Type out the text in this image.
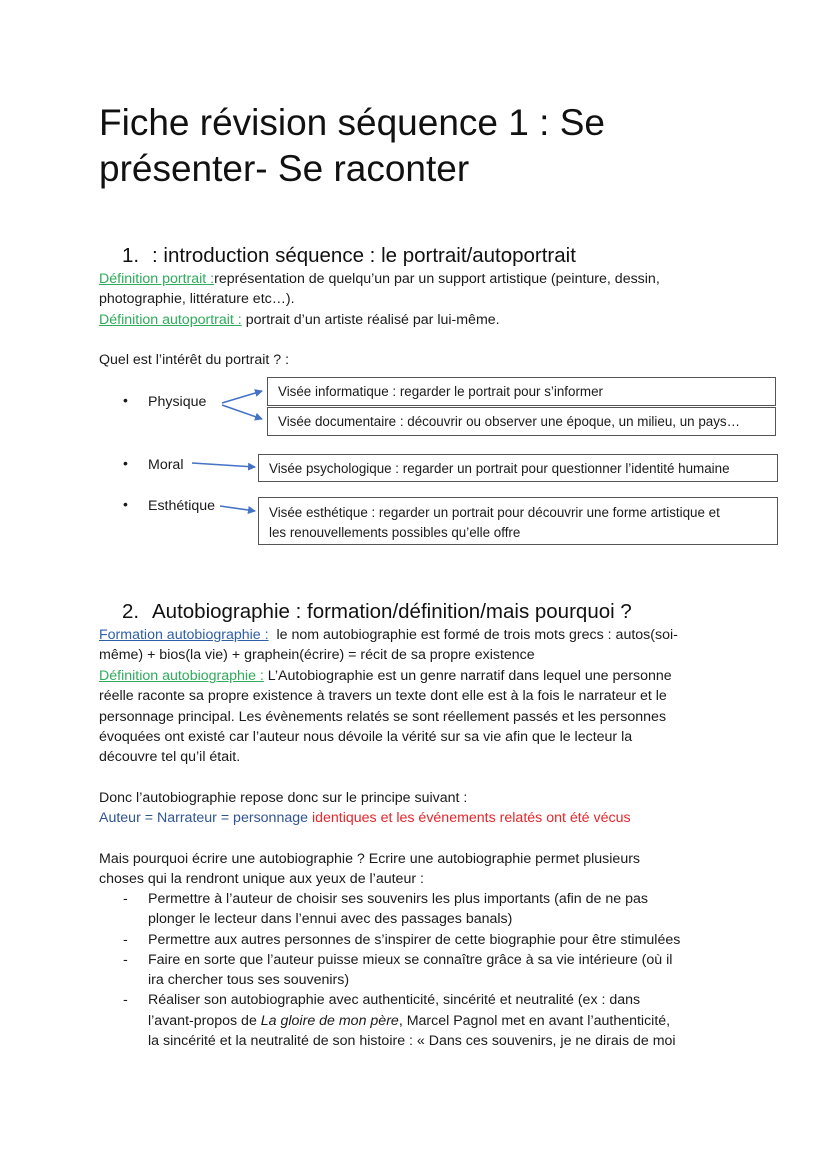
Fiche révision séquence 1 : Se
présenter- Se raconter
1. : introduction séquence : le portrait/autoportrait

Définition portrait :représentation de quelqu’un par un support artistique (peinture, dessin,
photographie, littérature etc…).

Définition autoportrait : portrait d’un artiste réalisé par lui-même.

Quel est l’intérêt du portrait ? :

• Physique
• Moral
• Esthétique
Visée informatique : regarder le portrait pour s’informer
Visée documentaire : découvrir ou observer une époque, un milieu, un pays…
Visée psychologique : regarder un portrait pour questionner l’identité humaine
Visée esthétique : regarder un portrait pour découvrir une forme artistique et
les renouvellements possibles qu’elle offre
2. Autobiographie : formation/définition/mais pourquoi ?

Formation autobiographie :  le nom autobiographie est formé de trois mots grecs : autos(soi-
même) + bios(la vie) + graphein(écrire) = récit de sa propre existence

Définition autobiographie : L’Autobiographie est un genre narratif dans lequel une personne
réelle raconte sa propre existence à travers un texte dont elle est à la fois le narrateur et le
personnage principal. Les évènements relatés se sont réellement passés et les personnes
évoquées ont existé car l’auteur nous dévoile la vérité sur sa vie afin que le lecteur la
découvre tel qu’il était.

Donc l’autobiographie repose donc sur le principe suivant :
Auteur = Narrateur = personnage identiques et les événements relatés ont été vécus

Mais pourquoi écrire une autobiographie ? Ecrire une autobiographie permet plusieurs
choses qui la rendront unique aux yeux de l’auteur :

- Permettre à l’auteur de choisir ses souvenirs les plus importants (afin de ne pas
plonger le lecteur dans l’ennui avec des passages banals)
- Permettre aux autres personnes de s’inspirer de cette biographie pour être stimulées
- Faire en sorte que l’auteur puisse mieux se connaître grâce à sa vie intérieure (où il
ira chercher tous ses souvenirs)
- Réaliser son autobiographie avec authenticité, sincérité et neutralité (ex : dans
l’avant-propos de La gloire de mon père, Marcel Pagnol met en avant l’authenticité,
la sincérité et la neutralité de son histoire : « Dans ces souvenirs, je ne dirais de moi
